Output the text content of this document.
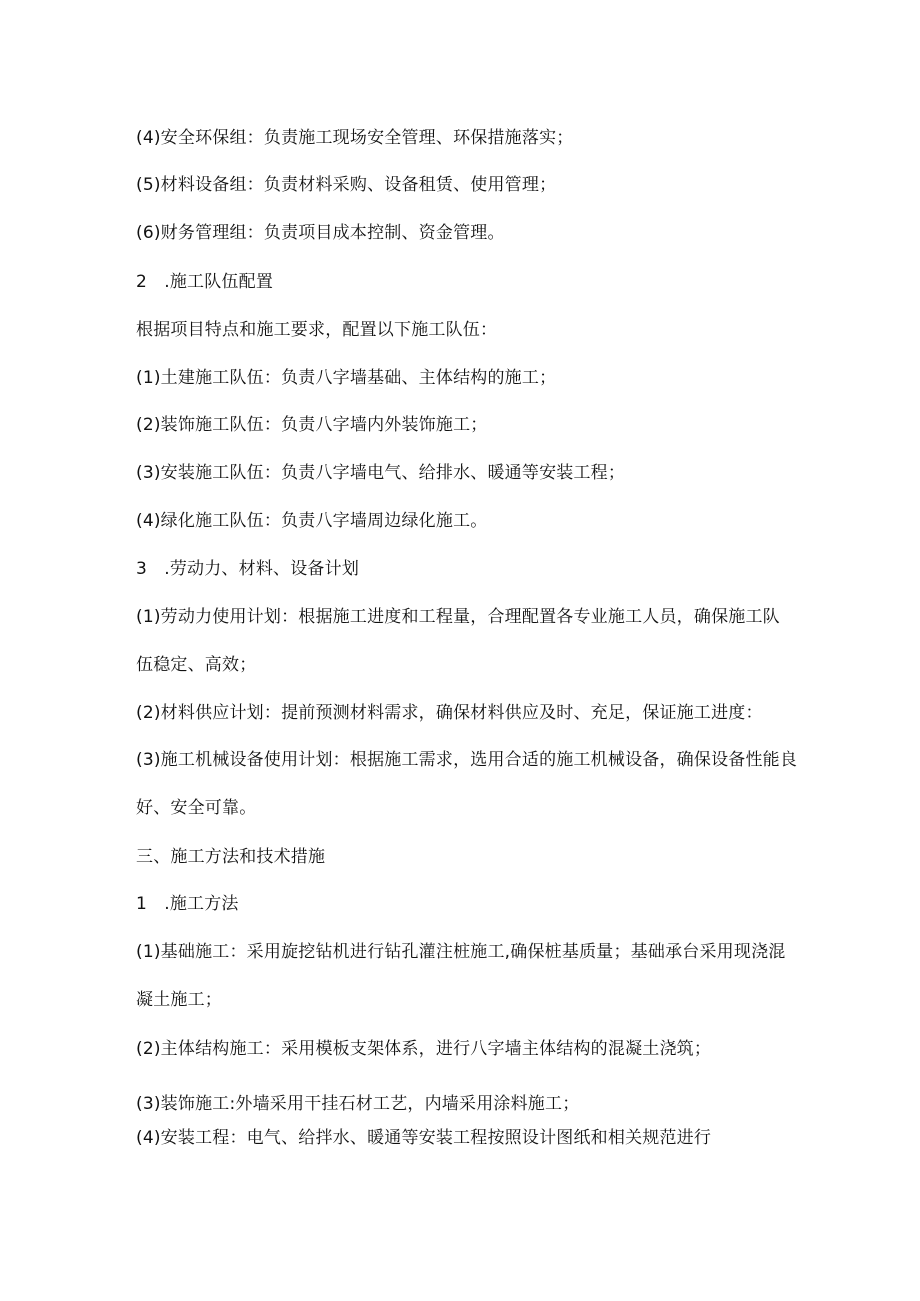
(4)安全环保组：负责施工现场安全管理、环保措施落实；
(5)材料设备组：负责材料采购、设备租赁、使用管理；
(6)财务管理组：负责项目成本控制、资金管理。
2　.施工队伍配置
根据项目特点和施工要求，配置以下施工队伍：
(1)土建施工队伍：负责八字墙基础、主体结构的施工；
(2)装饰施工队伍：负责八字墙内外装饰施工；
(3)安装施工队伍：负责八字墙电气、给排水、暖通等安装工程；
(4)绿化施工队伍：负责八字墙周边绿化施工。
3　.劳动力、材料、设备计划
(1)劳动力使用计划：根据施工进度和工程量，合理配置各专业施工人员，确保施工队
伍稳定、高效；
(2)材料供应计划：提前预测材料需求，确保材料供应及时、充足，保证施工进度：
(3)施工机械设备使用计划：根据施工需求，选用合适的施工机械设备，确保设备性能良
好、安全可靠。
三、施工方法和技术措施
1　.施工方法
(1)基础施工：采用旋挖钻机进行钻孔灌注桩施工,确保桩基质量；基础承台采用现浇混
凝土施工；
(2)主体结构施工：采用模板支架体系，进行八字墙主体结构的混凝土浇筑；
(3)装饰施工:外墙采用干挂石材工艺，内墙采用涂料施工；
(4)安装工程：电气、给拌水、暖通等安装工程按照设计图纸和相关规范进行
